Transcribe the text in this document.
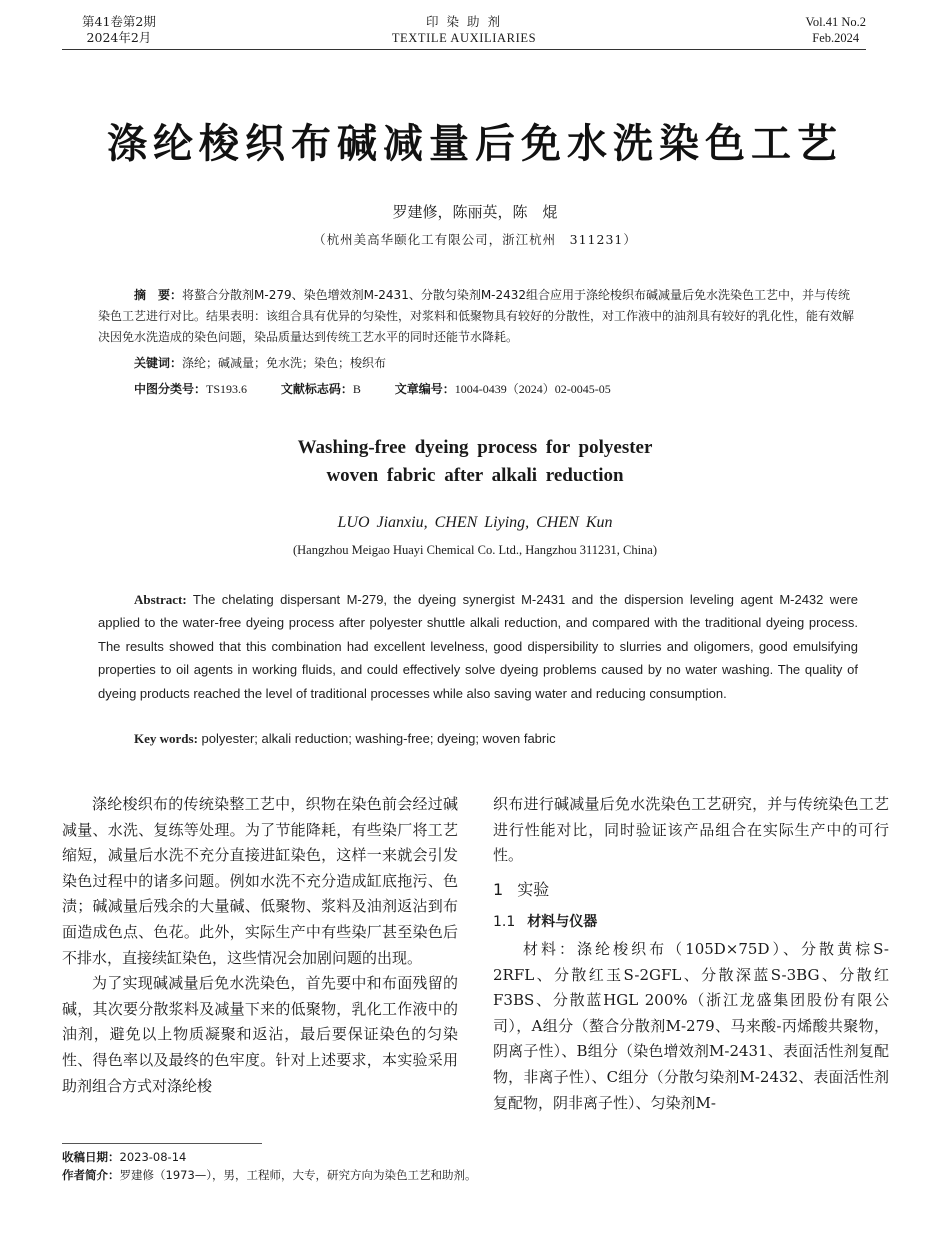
第41卷第2期
2024年2月
印 染 助 剂
TEXTILE AUXILIARIES
Vol.41 No.2
Feb.2024
涤纶梭织布碱减量后免水洗染色工艺
罗建修，陈丽英，陈　焜
（杭州美高华颐化工有限公司，浙江杭州　311231）
摘　要：将螯合分散剂M-279、染色增效剂M-2431、分散匀染剂M-2432组合应用于涤纶梭织布碱减量后免水洗染色工艺中，并与传统染色工艺进行对比。结果表明：该组合具有优异的匀染性，对浆料和低聚物具有较好的分散性，对工作液中的油剂具有较好的乳化性，能有效解决因免水洗造成的染色问题，染品质量达到传统工艺水平的同时还能节水降耗。
关键词：涤纶；碱减量；免水洗；染色；梭织布
中图分类号：TS193.6	文献标志码：B	文章编号：1004-0439（2024）02-0045-05
Washing-free dyeing process for polyester
woven fabric after alkali reduction
LUO Jianxiu, CHEN Liying, CHEN Kun
(Hangzhou Meigao Huayi Chemical Co. Ltd., Hangzhou 311231, China)
Abstract: The chelating dispersant M-279, the dyeing synergist M-2431 and the dispersion leveling agent M-2432 were applied to the water-free dyeing process after polyester shuttle alkali reduction, and compared with the traditional dyeing process. The results showed that this combination had excellent levelness, good dispersibility to slurries and oligomers, good emulsifying properties to oil agents in working fluids, and could effectively solve dyeing problems caused by no water washing. The quality of dyeing products reached the level of traditional processes while also saving water and reducing consumption.
Key words: polyester; alkali reduction; washing-free; dyeing; woven fabric

涤纶梭织布的传统染整工艺中，织物在染色前会经过碱减量、水洗、复练等处理。为了节能降耗，有些染厂将工艺缩短，减量后水洗不充分直接进缸染色，这样一来就会引发染色过程中的诸多问题。例如水洗不充分造成缸底拖污、色渍；碱减量后残余的大量碱、低聚物、浆料及油剂返沾到布面造成色点、色花。此外，实际生产中有些染厂甚至染色后不排水，直接续缸染色，这些情况会加剧问题的出现。

为了实现碱减量后免水洗染色，首先要中和布面残留的碱，其次要分散浆料及减量下来的低聚物，乳化工作液中的油剂，避免以上物质凝聚和返沾，最后要保证染色的匀染性、得色率以及最终的色牢度。针对上述要求，本实验采用助剂组合方式对涤纶梭

织布进行碱减量后免水洗染色工艺研究，并与传统染色工艺进行性能对比，同时验证该产品组合在实际生产中的可行性。

1 实验
1.1 材料与仪器

材料：涤纶梭织布（105D×75D）、分散黄棕S-2RFL、分散红玉S-2GFL、分散深蓝S-3BG、分散红F3BS、分散蓝HGL 200%（浙江龙盛集团股份有限公司），A组分（螯合分散剂M-279、马来酸-丙烯酸共聚物，阴离子性）、B组分（染色增效剂M-2431、表面活性剂复配物，非离子性）、C组分（分散匀染剂M-2432、表面活性剂复配物，阴非离子性）、匀染剂M-

收稿日期：2023-08-14
作者简介：罗建修（1973—），男，工程师，大专，研究方向为染色工艺和助剂。
